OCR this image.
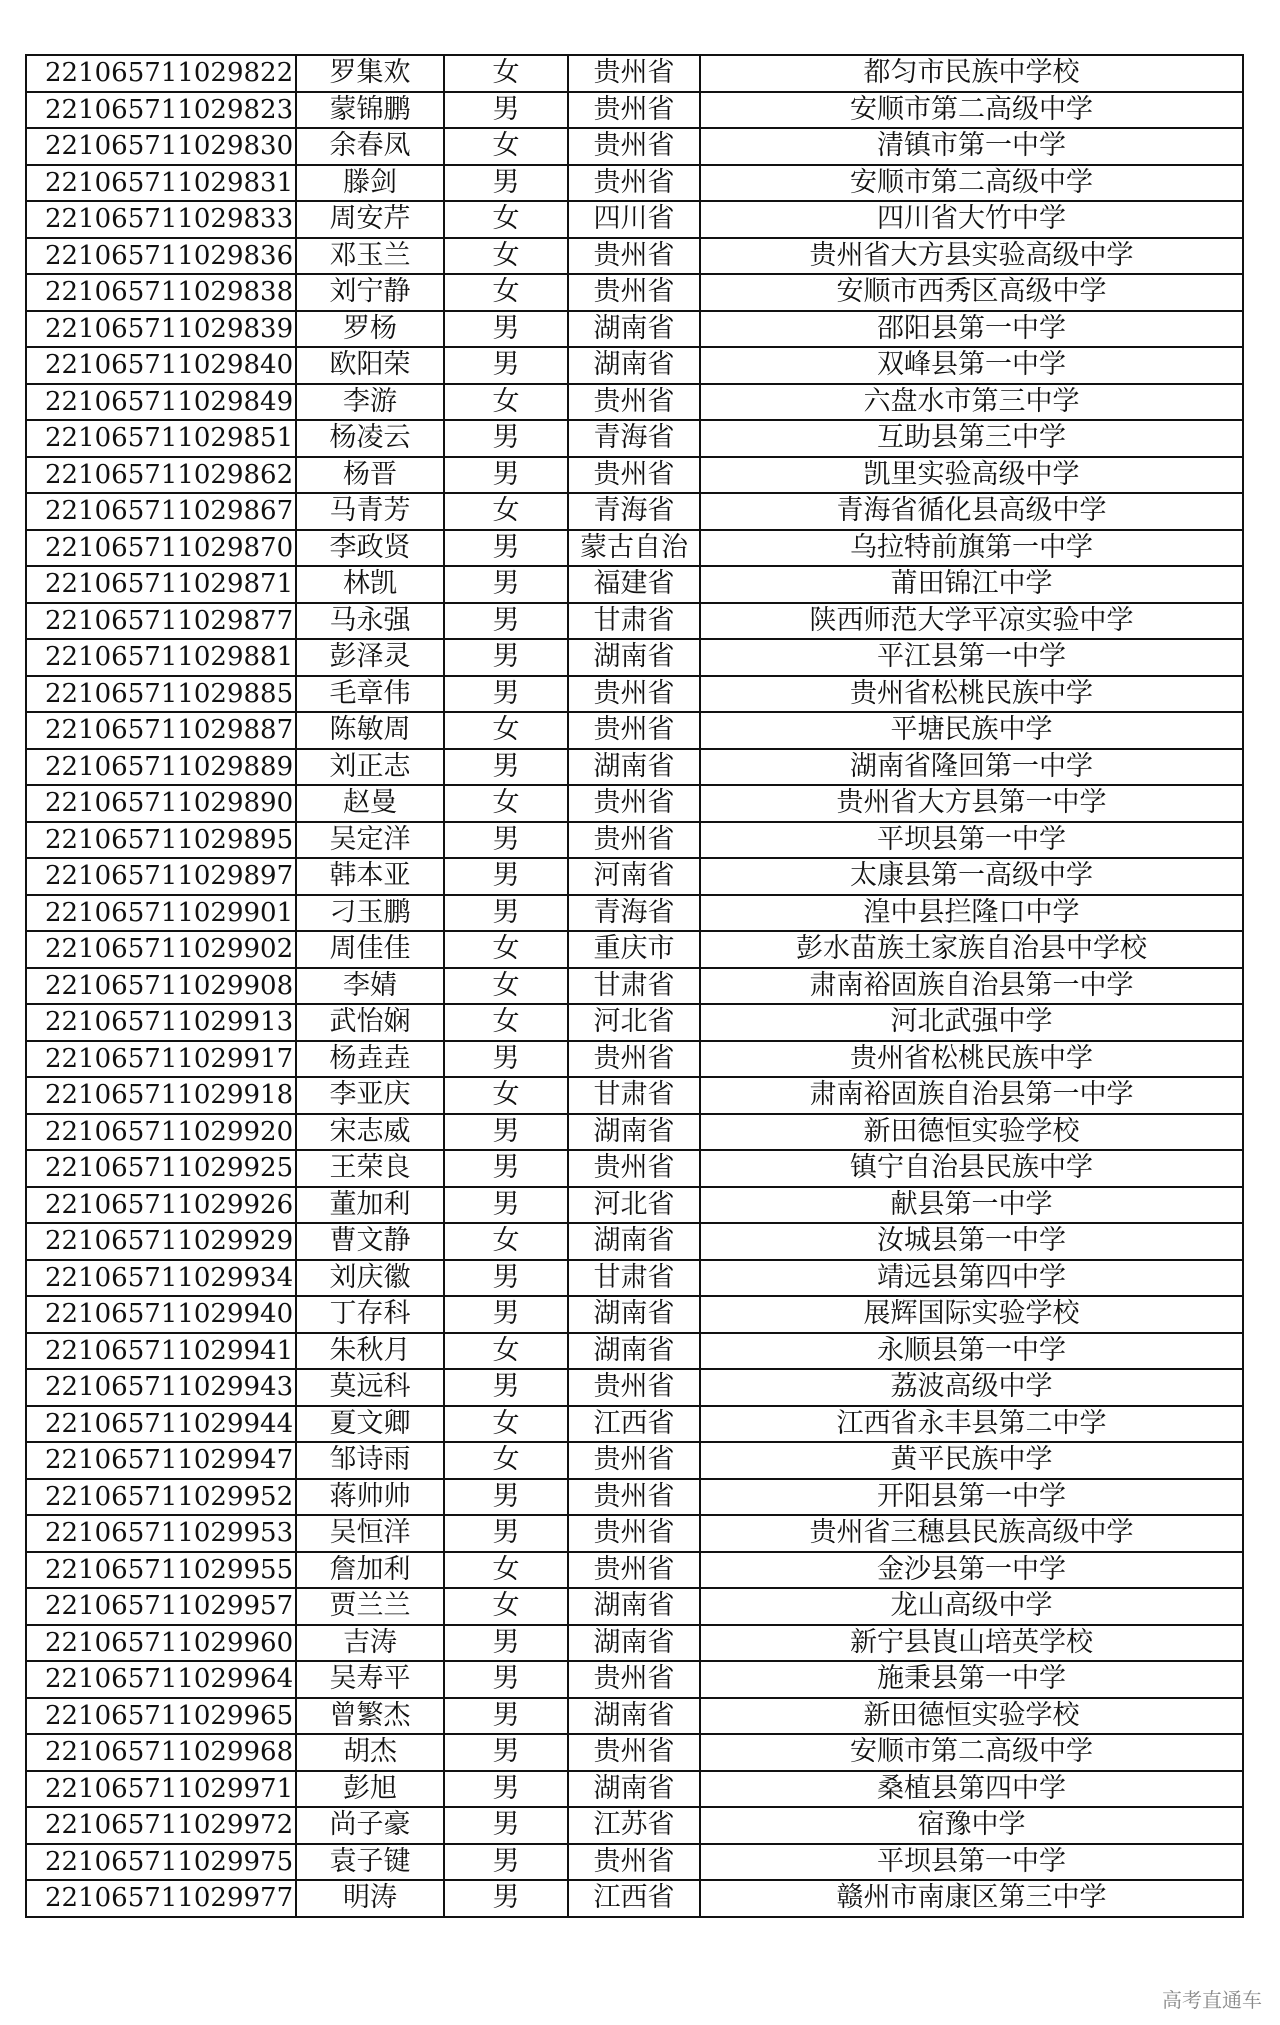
221065711029822	罗集欢	女	贵州省	都匀市民族中学校
221065711029823	蒙锦鹏	男	贵州省	安顺市第二高级中学
221065711029830	余春凤	女	贵州省	清镇市第一中学
221065711029831	滕剑	男	贵州省	安顺市第二高级中学
221065711029833	周安芹	女	四川省	四川省大竹中学
221065711029836	邓玉兰	女	贵州省	贵州省大方县实验高级中学
221065711029838	刘宁静	女	贵州省	安顺市西秀区高级中学
221065711029839	罗杨	男	湖南省	邵阳县第一中学
221065711029840	欧阳荣	男	湖南省	双峰县第一中学
221065711029849	李游	女	贵州省	六盘水市第三中学
221065711029851	杨凌云	男	青海省	互助县第三中学
221065711029862	杨晋	男	贵州省	凯里实验高级中学
221065711029867	马青芳	女	青海省	青海省循化县高级中学
221065711029870	李政贤	男	蒙古自治	乌拉特前旗第一中学
221065711029871	林凯	男	福建省	莆田锦江中学
221065711029877	马永强	男	甘肃省	陕西师范大学平凉实验中学
221065711029881	彭泽灵	男	湖南省	平江县第一中学
221065711029885	毛章伟	男	贵州省	贵州省松桃民族中学
221065711029887	陈敏周	女	贵州省	平塘民族中学
221065711029889	刘正志	男	湖南省	湖南省隆回第一中学
221065711029890	赵曼	女	贵州省	贵州省大方县第一中学
221065711029895	吴定洋	男	贵州省	平坝县第一中学
221065711029897	韩本亚	男	河南省	太康县第一高级中学
221065711029901	刁玉鹏	男	青海省	湟中县拦隆口中学
221065711029902	周佳佳	女	重庆市	彭水苗族土家族自治县中学校
221065711029908	李婧	女	甘肃省	肃南裕固族自治县第一中学
221065711029913	武怡娴	女	河北省	河北武强中学
221065711029917	杨垚垚	男	贵州省	贵州省松桃民族中学
221065711029918	李亚庆	女	甘肃省	肃南裕固族自治县第一中学
221065711029920	宋志威	男	湖南省	新田德恒实验学校
221065711029925	王荣良	男	贵州省	镇宁自治县民族中学
221065711029926	董加利	男	河北省	献县第一中学
221065711029929	曹文静	女	湖南省	汝城县第一中学
221065711029934	刘庆徽	男	甘肃省	靖远县第四中学
221065711029940	丁存科	男	湖南省	展辉国际实验学校
221065711029941	朱秋月	女	湖南省	永顺县第一中学
221065711029943	莫远科	男	贵州省	荔波高级中学
221065711029944	夏文卿	女	江西省	江西省永丰县第二中学
221065711029947	邹诗雨	女	贵州省	黄平民族中学
221065711029952	蒋帅帅	男	贵州省	开阳县第一中学
221065711029953	吴恒洋	男	贵州省	贵州省三穗县民族高级中学
221065711029955	詹加利	女	贵州省	金沙县第一中学
221065711029957	贾兰兰	女	湖南省	龙山高级中学
221065711029960	吉涛	男	湖南省	新宁县崀山培英学校
221065711029964	吴寿平	男	贵州省	施秉县第一中学
221065711029965	曾繁杰	男	湖南省	新田德恒实验学校
221065711029968	胡杰	男	贵州省	安顺市第二高级中学
221065711029971	彭旭	男	湖南省	桑植县第四中学
221065711029972	尚子豪	男	江苏省	宿豫中学
221065711029975	袁子键	男	贵州省	平坝县第一中学
221065711029977	明涛	男	江西省	赣州市南康区第三中学
高考直通车
